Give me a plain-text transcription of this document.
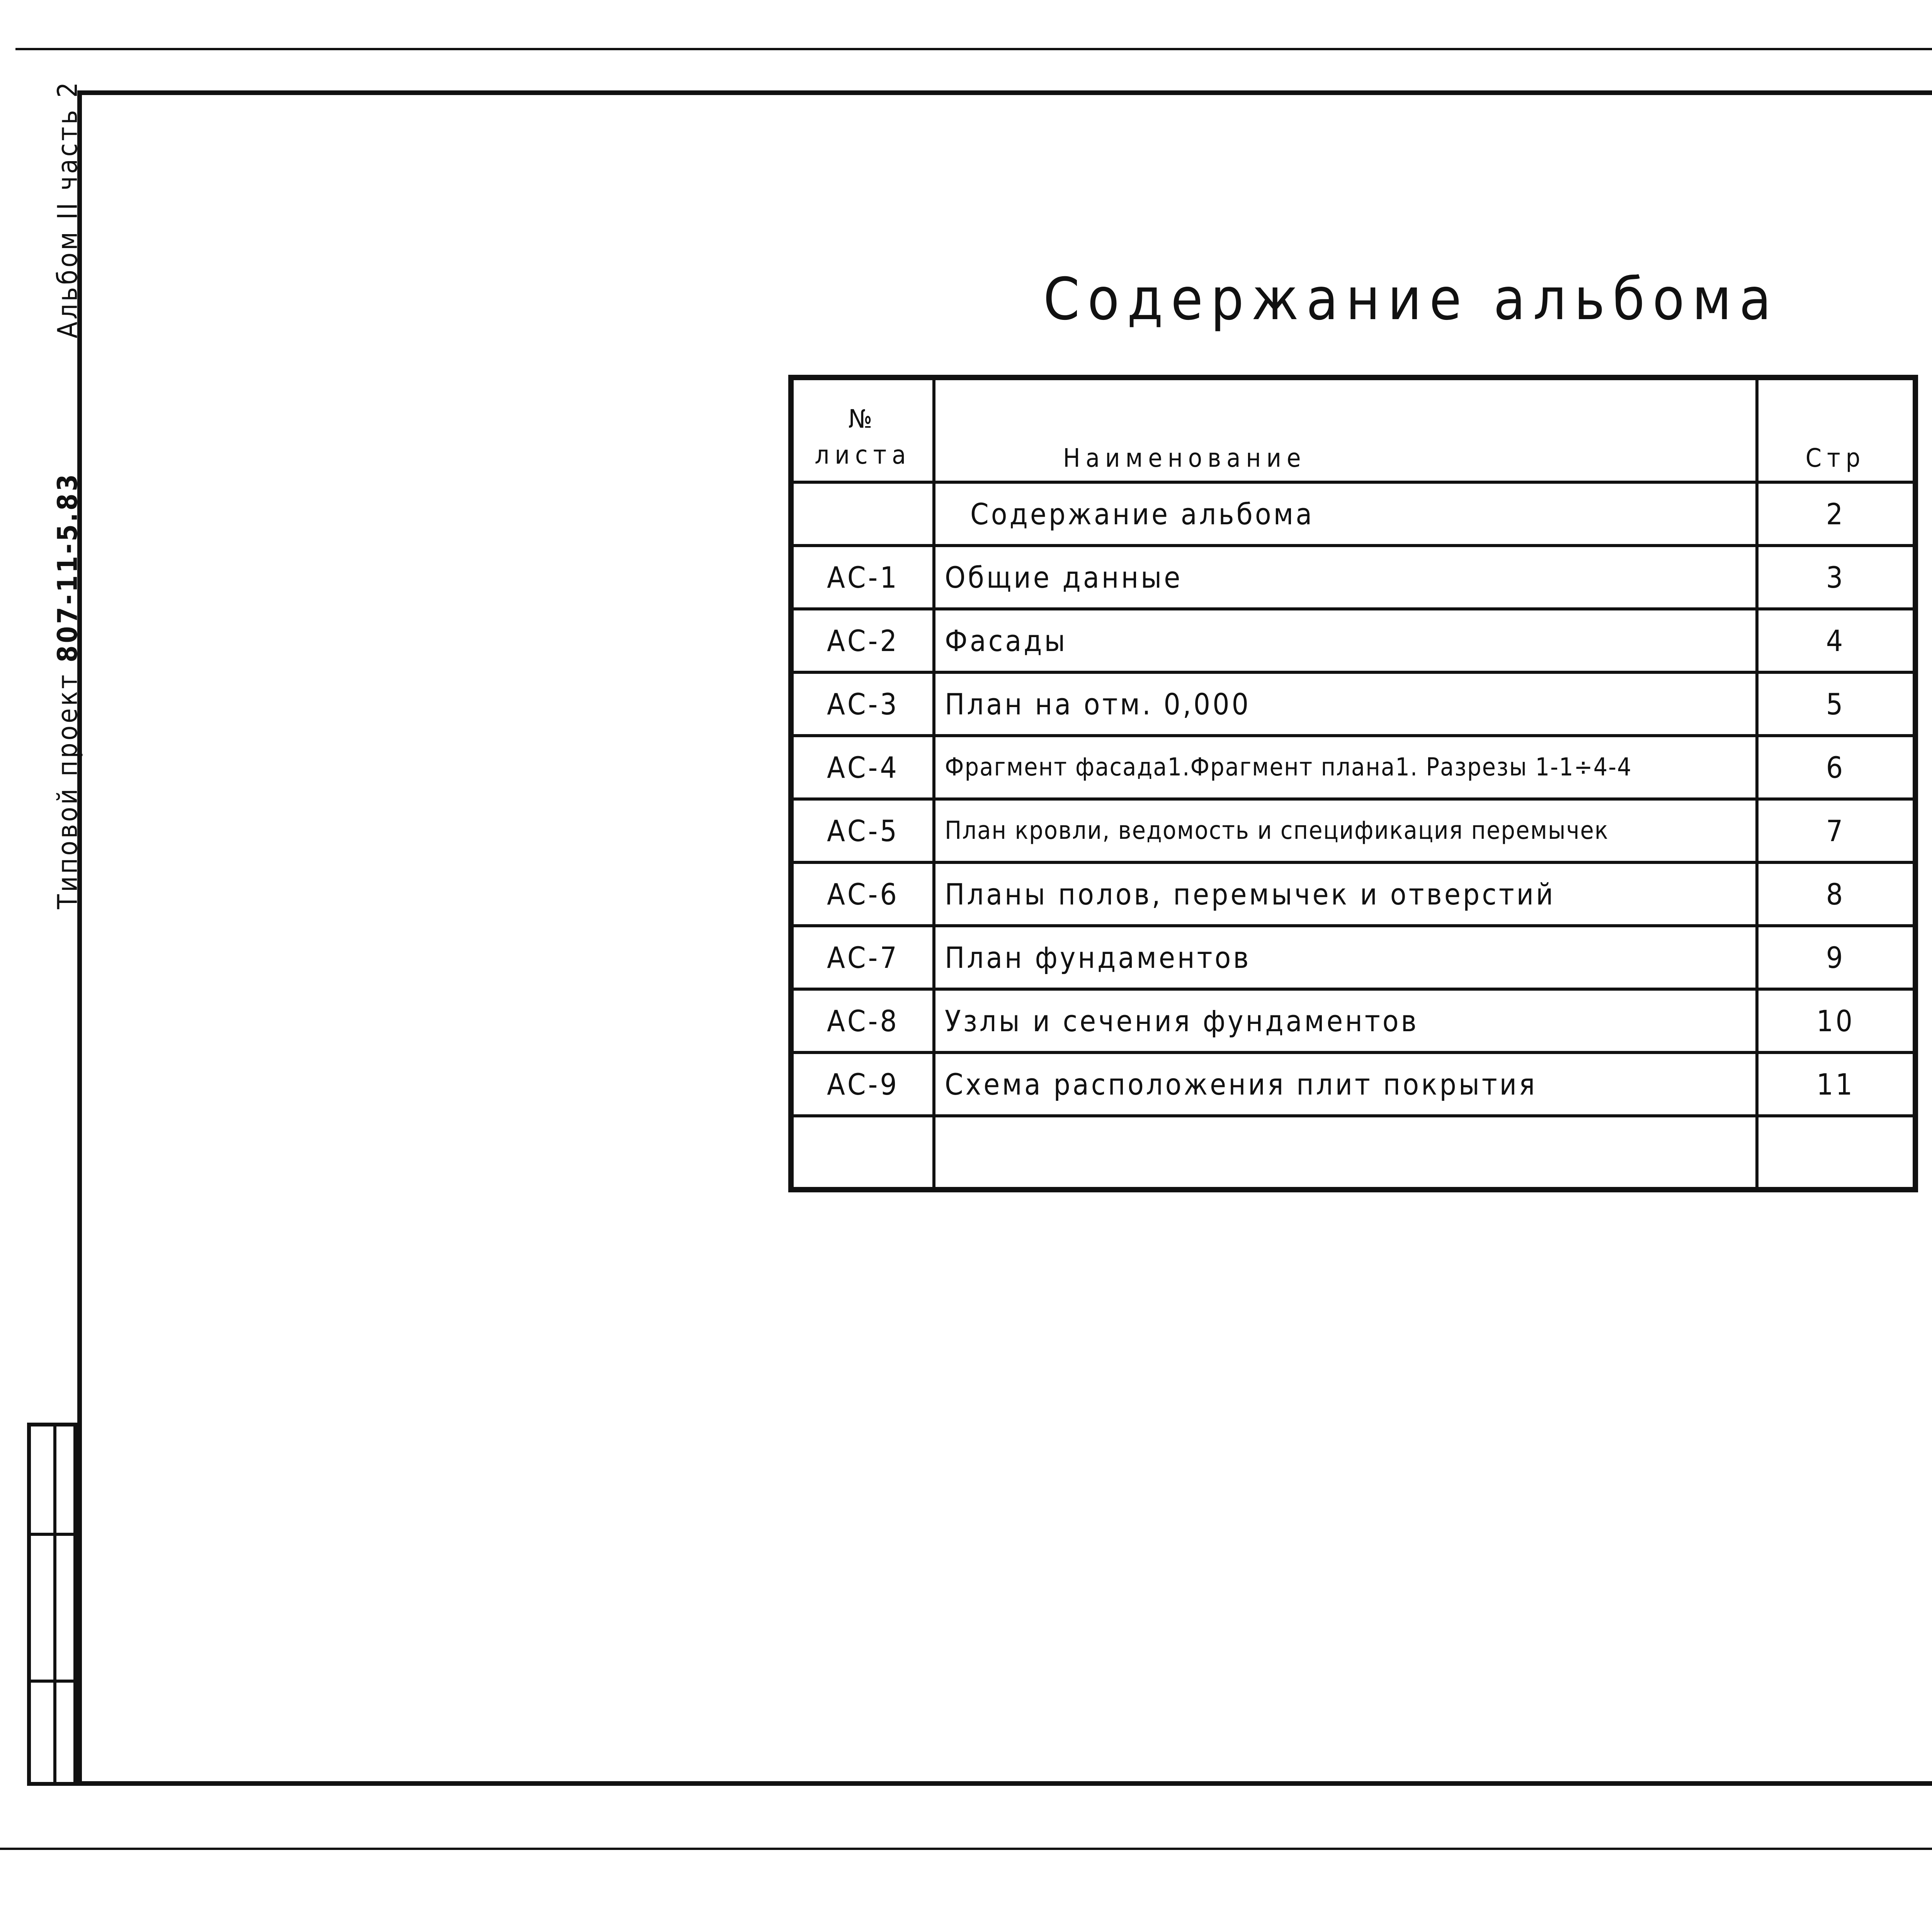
Типовой проект 807-11-5.83 Альбом II часть 2	Содержание альбома
№
листа	Наименование	Стр
	Содержание альбома	2
АС-1	Общие данные	3
АС-2	Фасады	4
АС-3	План на отм. 0,000	5
АС-4	Фрагмент фасада1.Фрагмент плана1. Разрезы 1-1÷4-4	6
АС-5	План кровли, ведомость и спецификация перемычек	7
АС-6	Планы полов, перемычек и отверстий	8
АС-7	План фундаментов	9
АС-8	Узлы и сечения фундаментов	10
АС-9	Схема расположения плит покрытия	11
